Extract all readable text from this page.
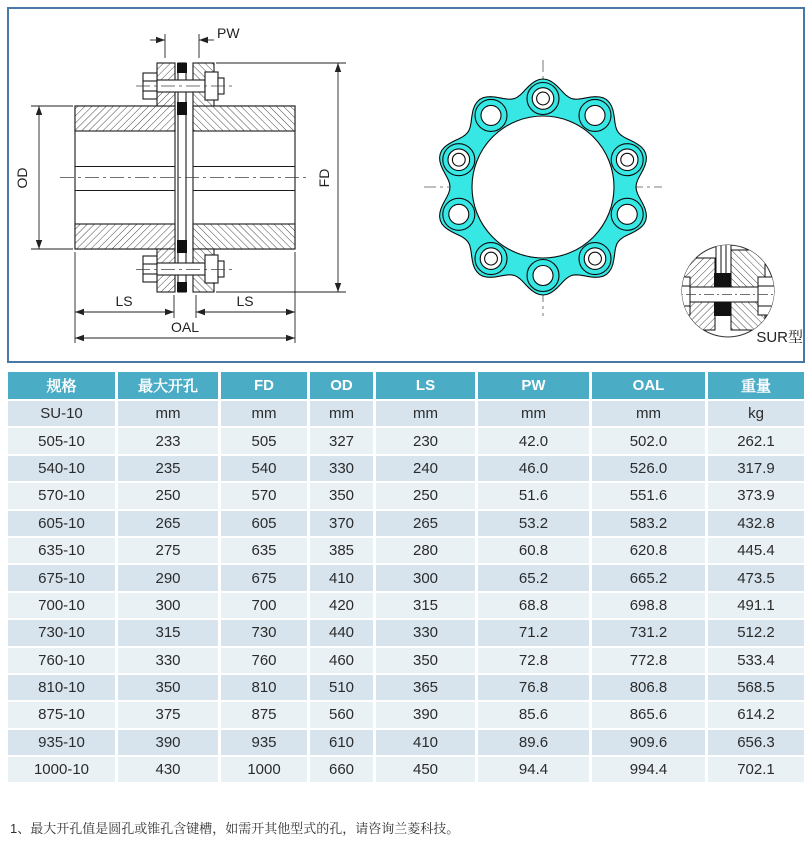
PW
OD	FD
LS	LS
OAL
SUR型
规格	最大开孔	FD	OD	LS	PW	OAL	重量
SU-10	mm	mm	mm	mm	mm	mm	kg
505-10	233	505	327	230	42.0	502.0	262.1
540-10	235	540	330	240	46.0	526.0	317.9
570-10	250	570	350	250	51.6	551.6	373.9
605-10	265	605	370	265	53.2	583.2	432.8
635-10	275	635	385	280	60.8	620.8	445.4
675-10	290	675	410	300	65.2	665.2	473.5
700-10	300	700	420	315	68.8	698.8	491.1
730-10	315	730	440	330	71.2	731.2	512.2
760-10	330	760	460	350	72.8	772.8	533.4
810-10	350	810	510	365	76.8	806.8	568.5
875-10	375	875	560	390	85.6	865.6	614.2
935-10	390	935	610	410	89.6	909.6	656.3
1000-10	430	1000	660	450	94.4	994.4	702.1
1、最大开孔值是圆孔或锥孔含键槽，如需开其他型式的孔，请咨询兰菱科技。
